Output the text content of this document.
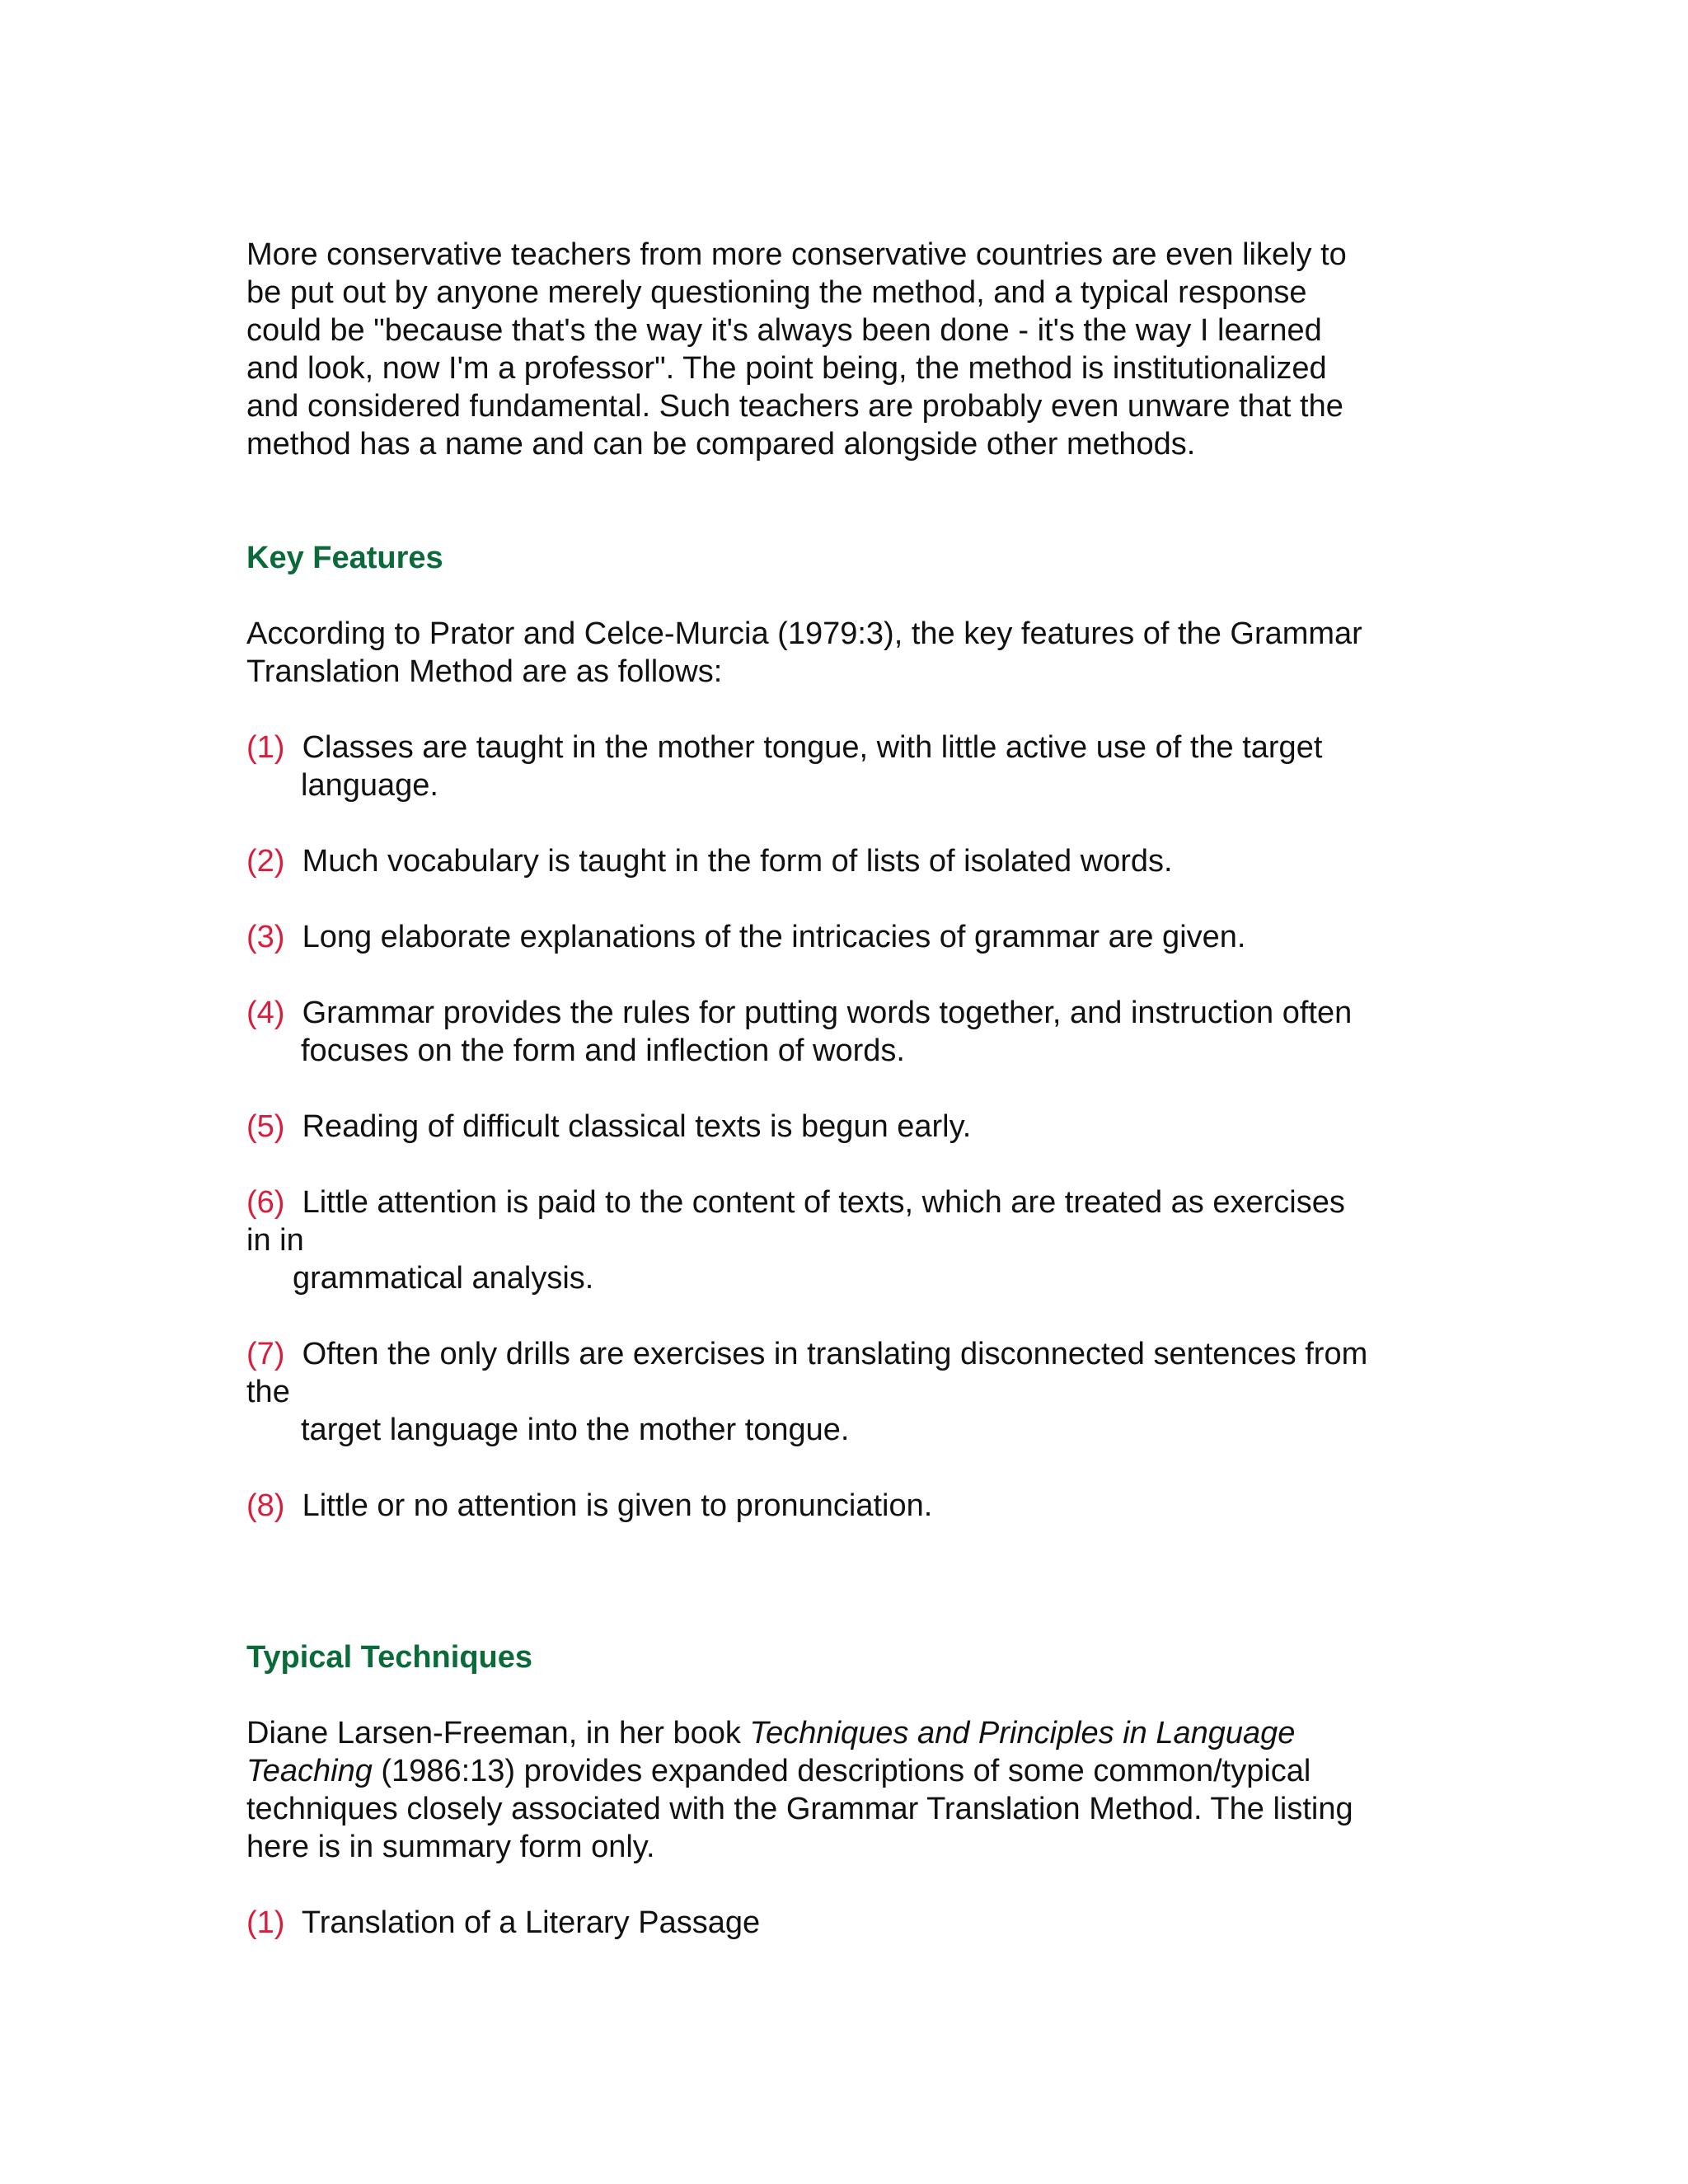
More conservative teachers from more conservative countries are even likely to

be put out by anyone merely questioning the method, and a typical response

could be "because that's the way it's always been done - it's the way I learned

and look, now I'm a professor". The point being, the method is institutionalized

and considered fundamental. Such teachers are probably even unware that the

method has a name and can be compared alongside other methods.

Key Features

According to Prator and Celce-Murcia (1979:3), the key features of the Grammar

Translation Method are as follows:

(1) Classes are taught in the mother tongue, with little active use of the target

language.

(2) Much vocabulary is taught in the form of lists of isolated words.

(3) Long elaborate explanations of the intricacies of grammar are given.

(4) Grammar provides the rules for putting words together, and instruction often

focuses on the form and inflection of words.

(5) Reading of difficult classical texts is begun early.

(6) Little attention is paid to the content of texts, which are treated as exercises

in in

grammatical analysis.

(7) Often the only drills are exercises in translating disconnected sentences from

the

target language into the mother tongue.

(8) Little or no attention is given to pronunciation.

Typical Techniques

Diane Larsen-Freeman, in her book Techniques and Principles in Language

Teaching (1986:13) provides expanded descriptions of some common/typical

techniques closely associated with the Grammar Translation Method. The listing

here is in summary form only.

(1) Translation of a Literary Passage
